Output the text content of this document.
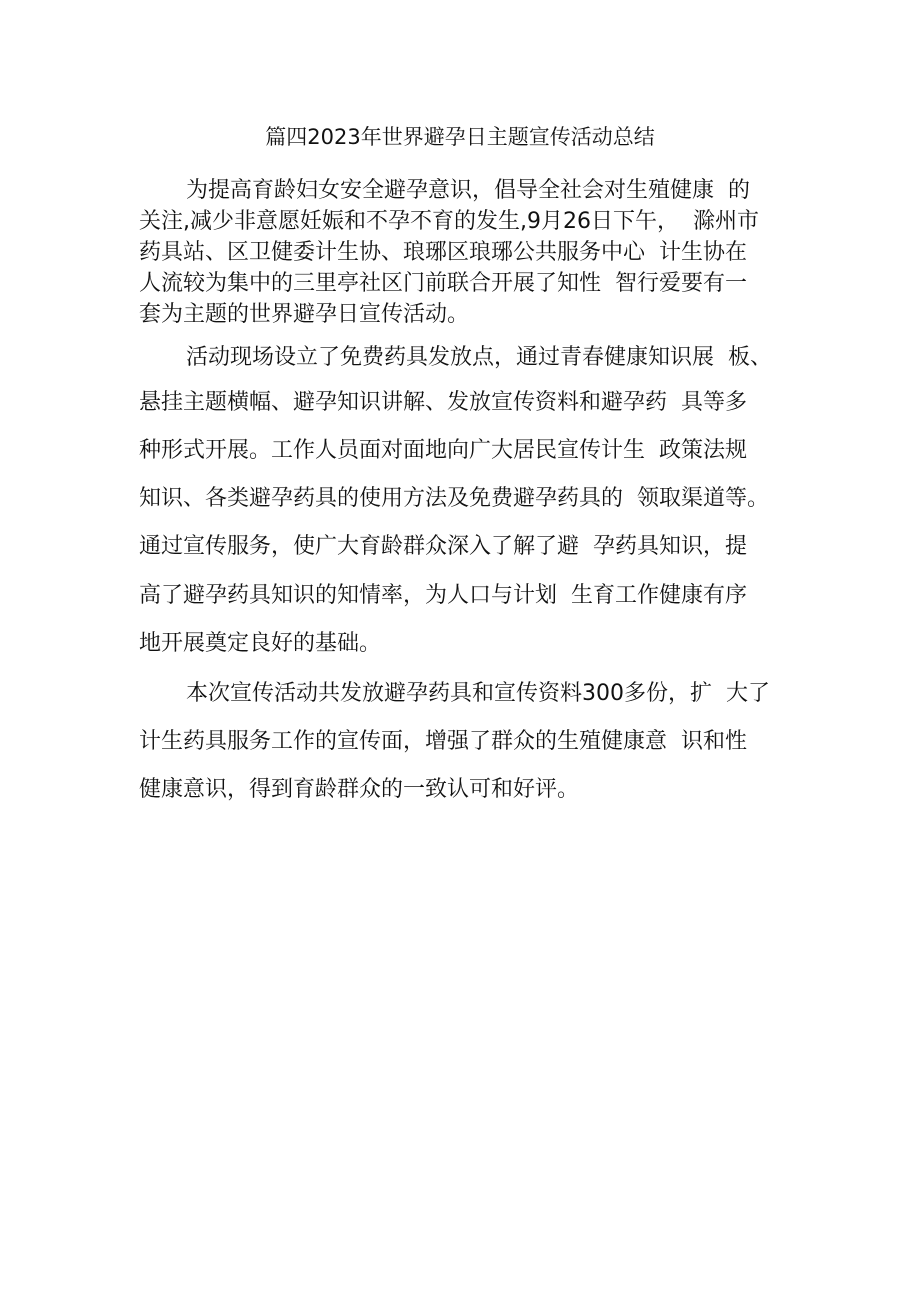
篇四2023年世界避孕日主题宣传活动总结
为提高育龄妇女安全避孕意识，倡导全社会对生殖健康  的
关注,减少非意愿妊娠和不孕不育的发生,9月26日下午，  滁州市
药具站、区卫健委计生协、琅琊区琅琊公共服务中心  计生协在
人流较为集中的三里亭社区门前联合开展了知性  智行爱要有一
套为主题的世界避孕日宣传活动。
活动现场设立了免费药具发放点，通过青春健康知识展  板、
悬挂主题横幅、避孕知识讲解、发放宣传资料和避孕药  具等多
种形式开展。工作人员面对面地向广大居民宣传计生  政策法规
知识、各类避孕药具的使用方法及免费避孕药具的  领取渠道等。
通过宣传服务，使广大育龄群众深入了解了避  孕药具知识，提
高了避孕药具知识的知情率，为人口与计划  生育工作健康有序
地开展奠定良好的基础。
本次宣传活动共发放避孕药具和宣传资料300多份，扩  大了
计生药具服务工作的宣传面，增强了群众的生殖健康意  识和性
健康意识，得到育龄群众的一致认可和好评。
